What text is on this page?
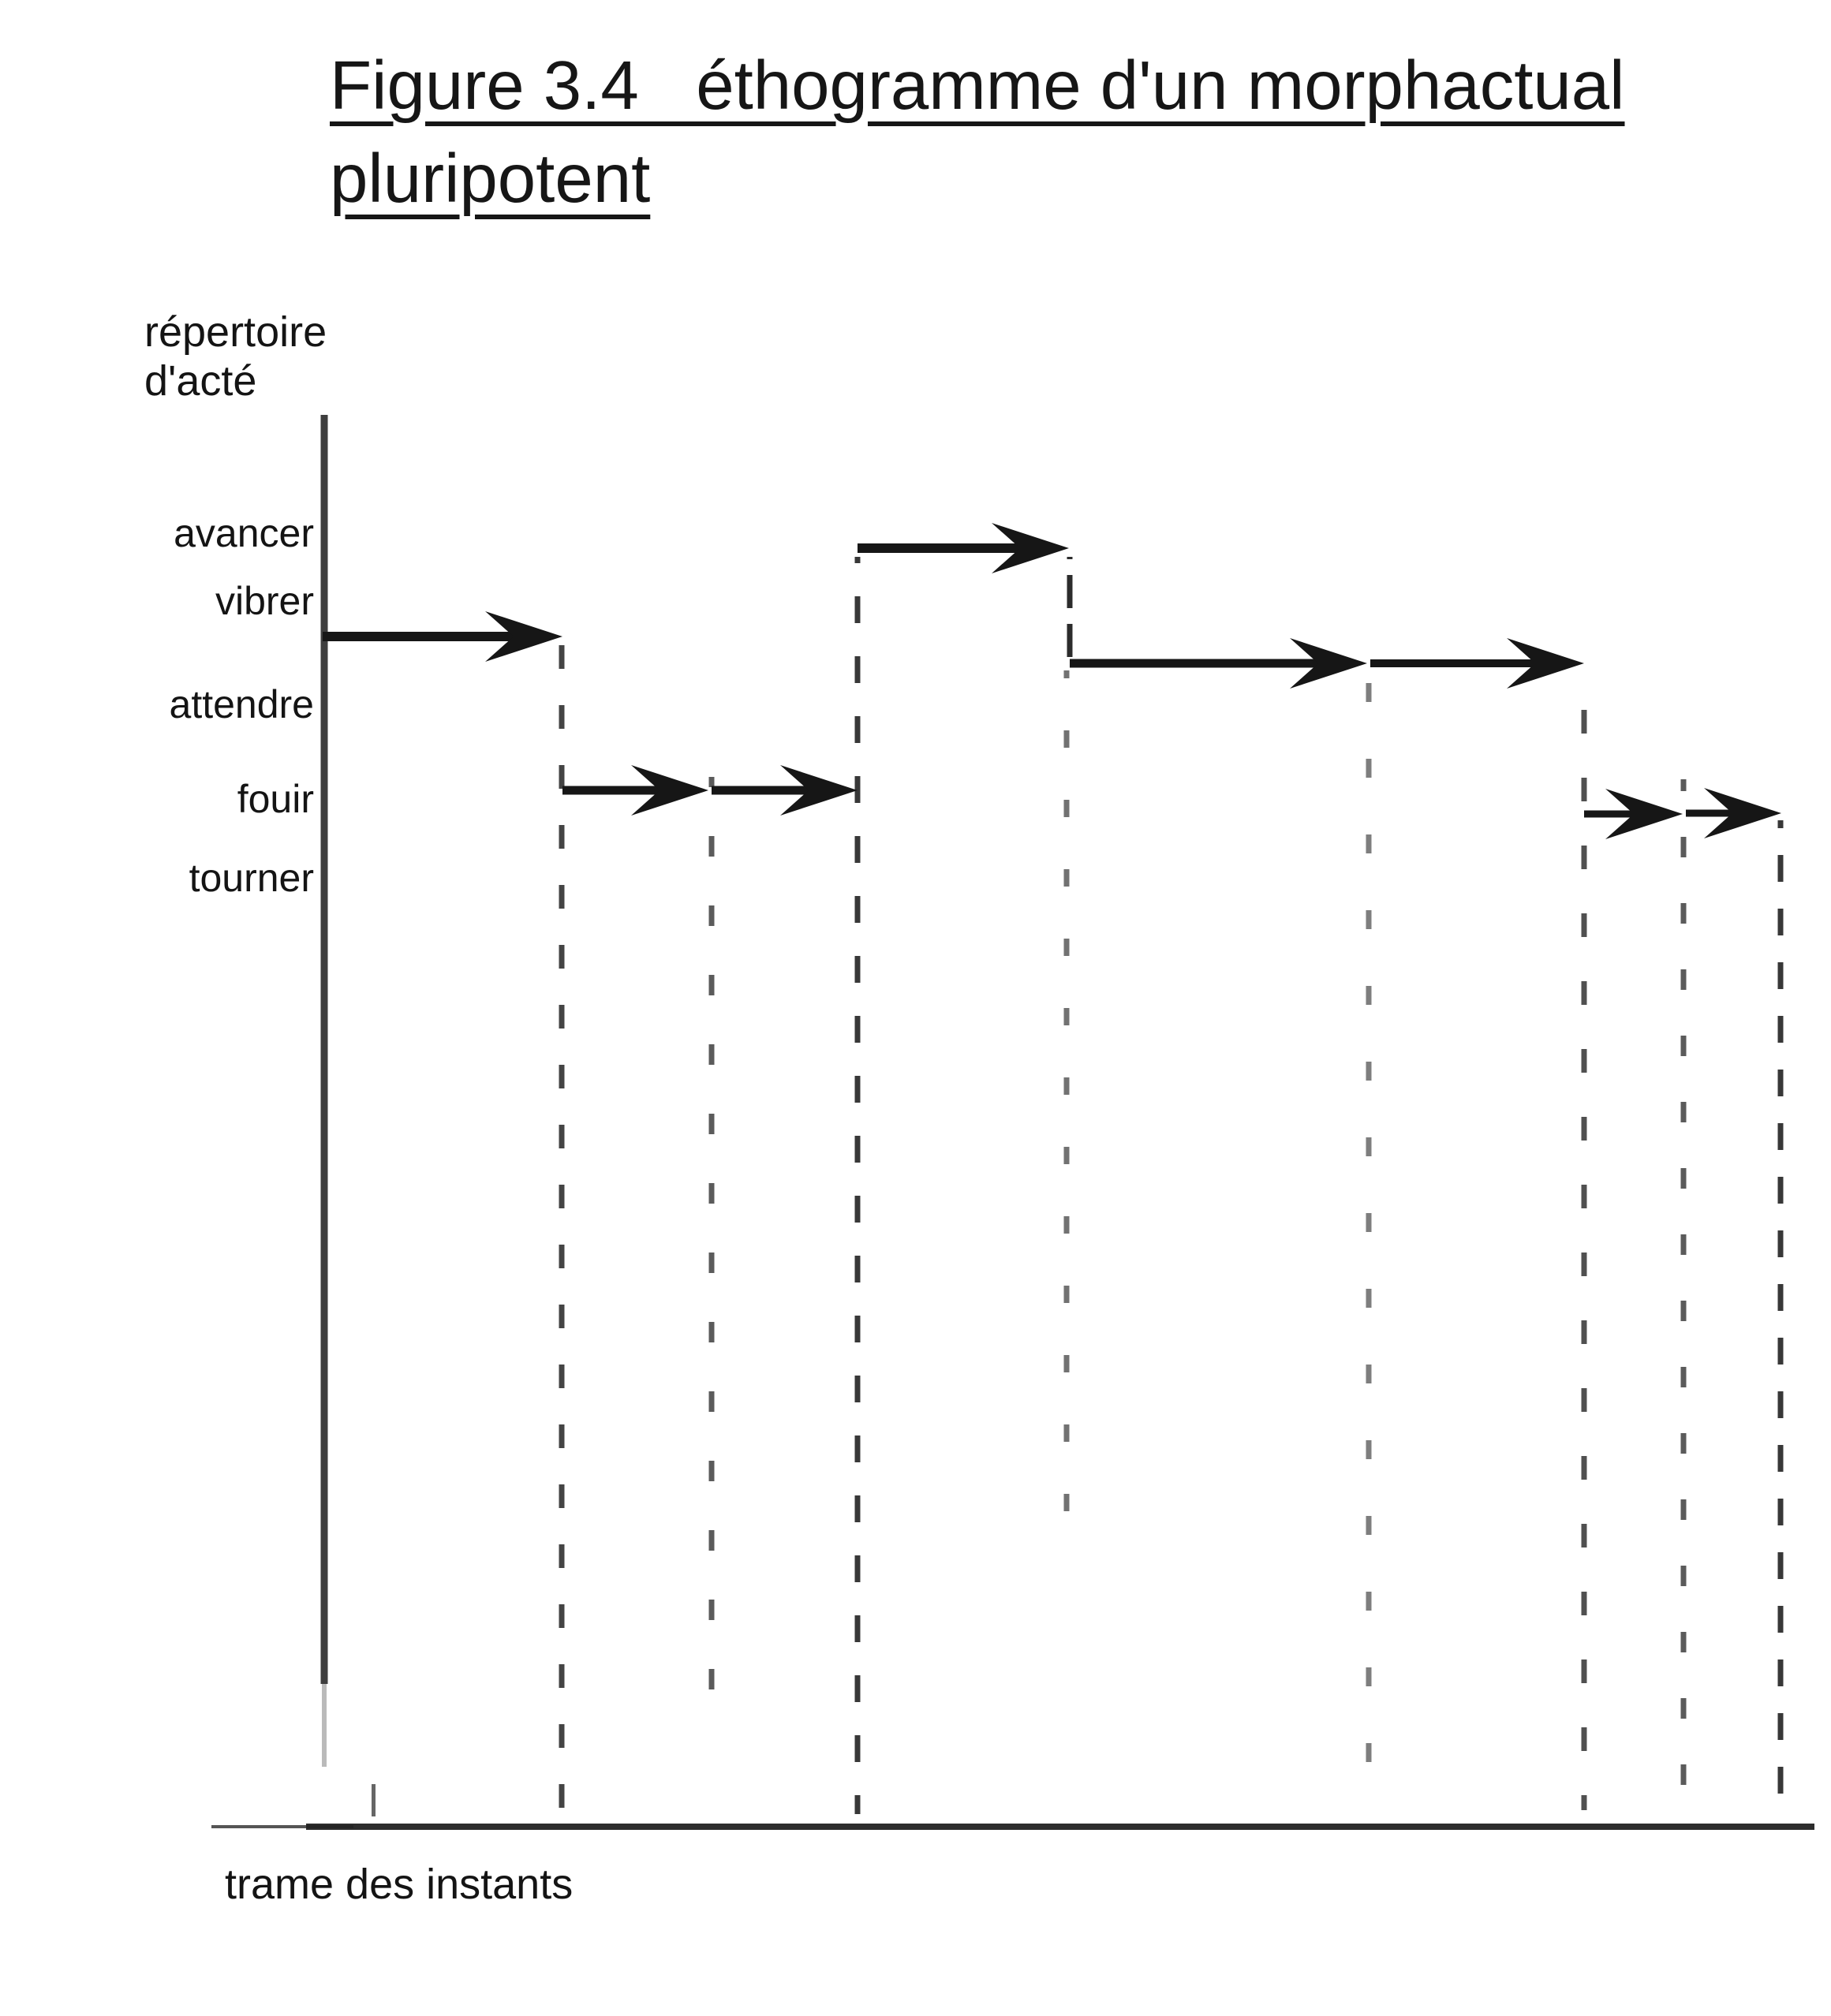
Figure 3.4   éthogramme d'un morphactual
pluripotent
répertoire
d'acté
avancer
vibrer
attendre
fouir
tourner
trame des instants
